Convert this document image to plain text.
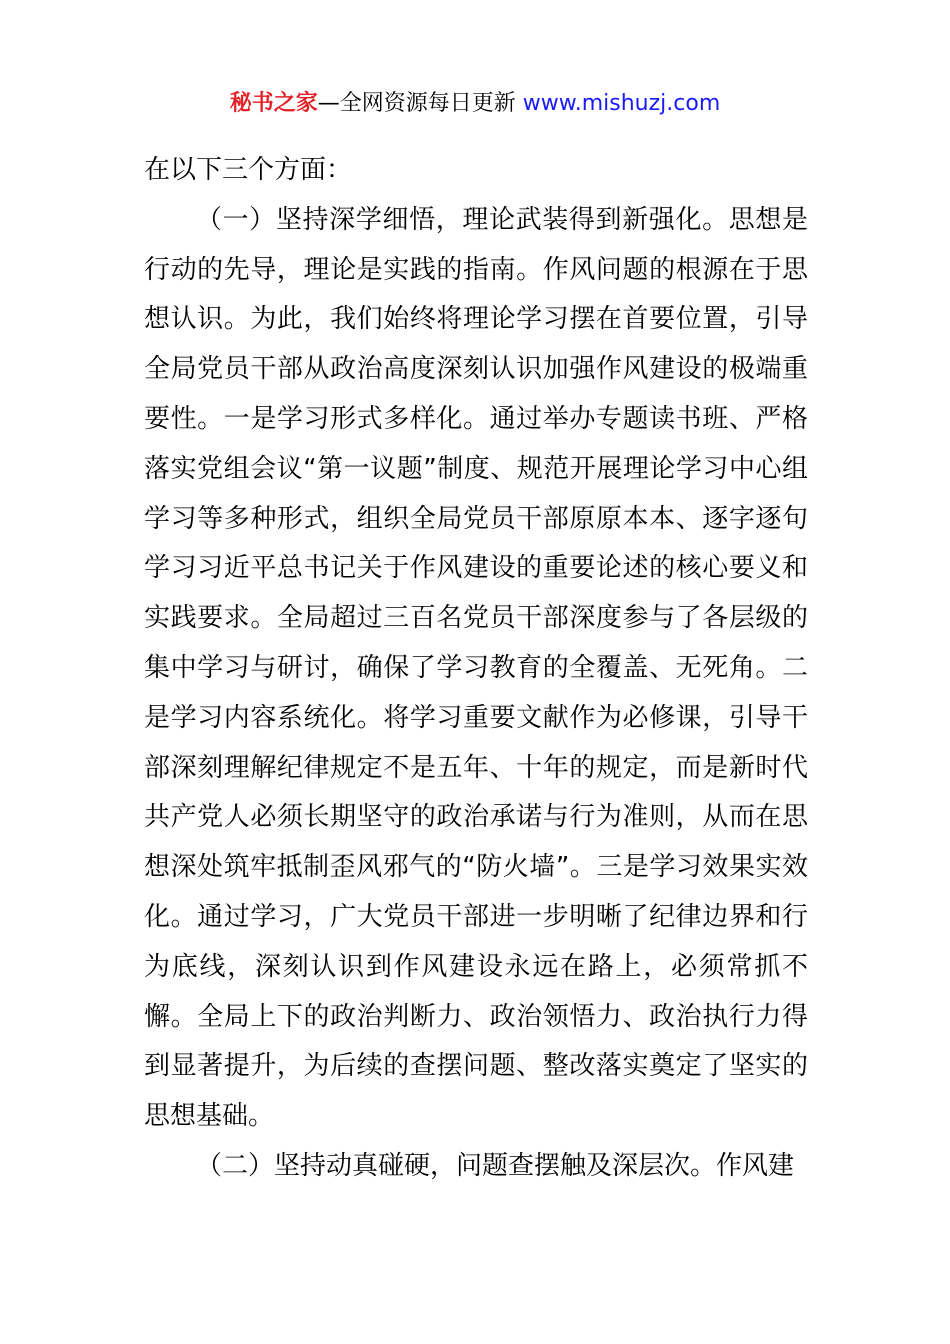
秘书之家—全网资源每日更新 www.mishuzj.com

在以下三个方面：

（一）坚持深学细悟，理论武装得到新强化。思想是行动的先导，理论是实践的指南。作风问题的根源在于思想认识。为此，我们始终将理论学习摆在首要位置，引导全局党员干部从政治高度深刻认识加强作风建设的极端重要性。一是学习形式多样化。通过举办专题读书班、严格落实党组会议“第一议题”制度、规范开展理论学习中心组学习等多种形式，组织全局党员干部原原本本、逐字逐句学习习近平总书记关于作风建设的重要论述的核心要义和实践要求。全局超过三百名党员干部深度参与了各层级的集中学习与研讨，确保了学习教育的全覆盖、无死角。二是学习内容系统化。将学习重要文献作为必修课，引导干部深刻理解纪律规定不是五年、十年的规定，而是新时代共产党人必须长期坚守的政治承诺与行为准则，从而在思想深处筑牢抵制歪风邪气的“防火墙”。三是学习效果实效化。通过学习，广大党员干部进一步明晰了纪律边界和行为底线，深刻认识到作风建设永远在路上，必须常抓不懈。全局上下的政治判断力、政治领悟力、政治执行力得到显著提升，为后续的查摆问题、整改落实奠定了坚实的思想基础。

（二）坚持动真碰硬，问题查摆触及深层次。作风建
